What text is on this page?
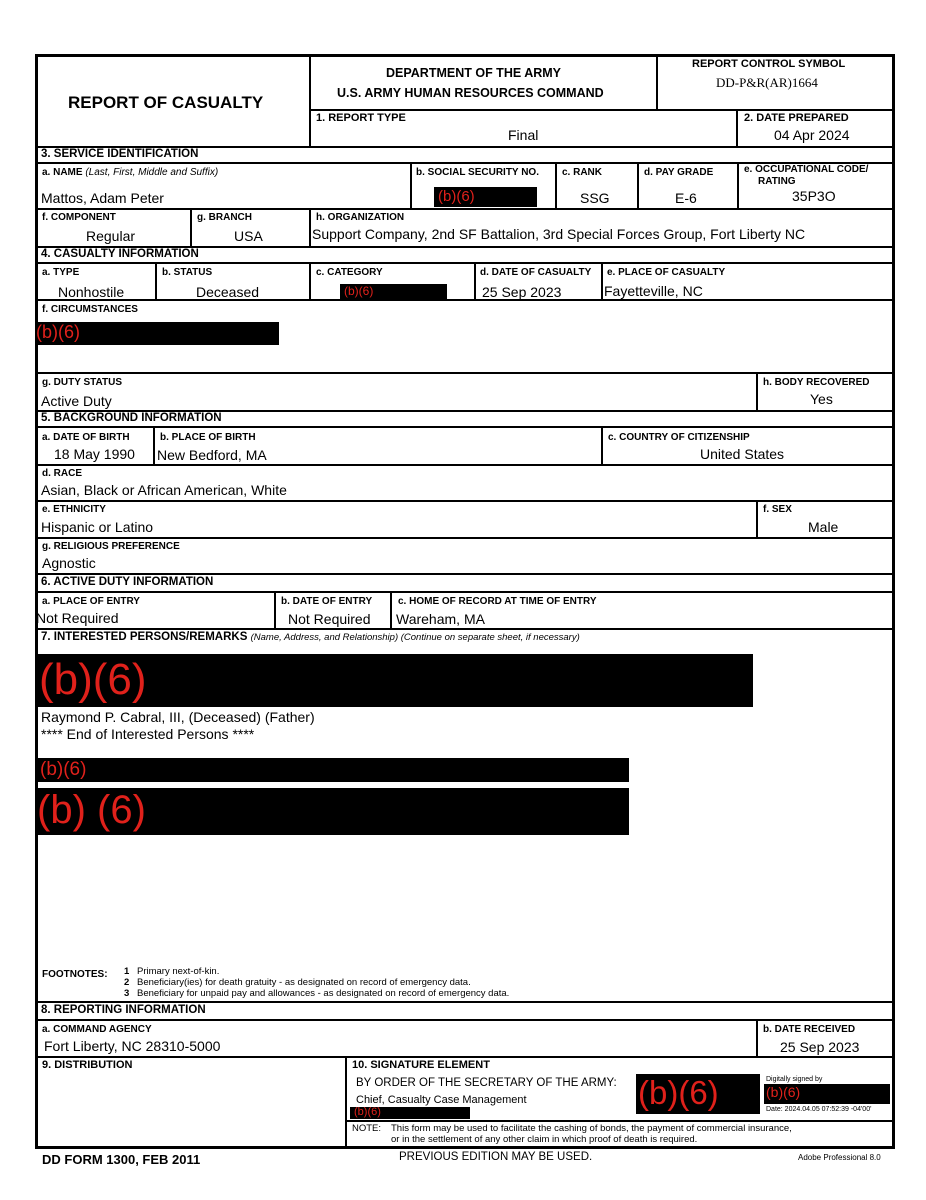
REPORT OF CASUALTY
DEPARTMENT OF THE ARMY
U.S. ARMY HUMAN RESOURCES COMMAND
REPORT CONTROL SYMBOL
DD-P&R(AR)1664
1. REPORT TYPE
Final
2. DATE PREPARED
04 Apr 2024
3. SERVICE IDENTIFICATION
a. NAME (Last, First, Middle and Suffix)
Mattos, Adam Peter
b. SOCIAL SECURITY NO.
(b)(6)
c. RANK
SSG
d. PAY GRADE
E-6
e. OCCUPATIONAL CODE/
RATING
35P3O
f. COMPONENT
Regular
g. BRANCH
USA
h. ORGANIZATION
Support Company, 2nd SF Battalion, 3rd Special Forces Group, Fort Liberty NC
4. CASUALTY INFORMATION
a. TYPE
Nonhostile
b. STATUS
Deceased
c. CATEGORY
(b)(6)
d. DATE OF CASUALTY
25 Sep 2023
e. PLACE OF CASUALTY
Fayetteville, NC
f. CIRCUMSTANCES
(b)(6)
g. DUTY STATUS
Active Duty
h. BODY RECOVERED
Yes
5. BACKGROUND INFORMATION
a. DATE OF BIRTH
18 May 1990
b. PLACE OF BIRTH
New Bedford, MA
c. COUNTRY OF CITIZENSHIP
United States
d. RACE
Asian, Black or African American, White
e. ETHNICITY
Hispanic or Latino
f. SEX
Male
g. RELIGIOUS PREFERENCE
Agnostic
6. ACTIVE DUTY INFORMATION
a. PLACE OF ENTRY
Not Required
b. DATE OF ENTRY
Not Required
c. HOME OF RECORD AT TIME OF ENTRY
Wareham, MA
7. INTERESTED PERSONS/REMARKS (Name, Address, and Relationship) (Continue on separate sheet, if necessary)
(b)(6)
Raymond P. Cabral, III, (Deceased) (Father)
**** End of Interested Persons ****
(b)(6)
(b) (6)
FOOTNOTES: 1 Primary next-of-kin.
2 Beneficiary(ies) for death gratuity - as designated on record of emergency data.
3 Beneficiary for unpaid pay and allowances - as designated on record of emergency data.
8. REPORTING INFORMATION
a. COMMAND AGENCY
Fort Liberty, NC 28310-5000
b. DATE RECEIVED
25 Sep 2023
9. DISTRIBUTION	10. SIGNATURE ELEMENT
BY ORDER OF THE SECRETARY OF THE ARMY:
Chief, Casualty Case Management
(b)(6)
(b)(6)	Digitally signed by
(b)(6)
Date: 2024.04.05 07:52:39 -04'00'
NOTE: This form may be used to facilitate the cashing of bonds, the payment of commercial insurance,
or in the settlement of any other claim in which proof of death is required.
DD FORM 1300, FEB 2011	PREVIOUS EDITION MAY BE USED.	Adobe Professional 8.0
